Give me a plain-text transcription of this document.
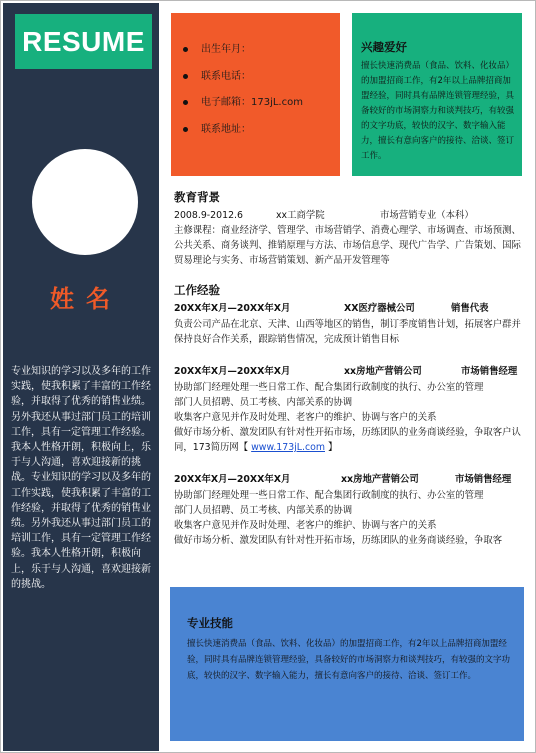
RESUME
姓名
专业知识的学习以及多年的工作实践，使我积累了丰富的工作经验，并取得了优秀的销售业绩。另外我还从事过部门员工的培训工作，具有一定管理工作经验。我本人性格开朗，积极向上，乐于与人沟通，喜欢迎接新的挑战。专业知识的学习以及多年的工作实践，使我积累了丰富的工作经验，并取得了优秀的销售业绩。另外我还从事过部门员工的培训工作，具有一定管理工作经验。我本人性格开朗，积极向上，乐于与人沟通，喜欢迎接新的挑战。
出生年月：
联系电话：
电子邮箱：173jL.com
联系地址：
兴趣爱好

擅长快速消费品（食品、饮料、化妆品）的加盟招商工作，有2年以上品牌招商加盟经验，同时具有品牌连锁管理经验，具备较好的市场洞察力和谈判技巧，有较强的文字功底，较快的汉字、数字输入能力，擅长有意向客户的接待、洽谈、签订工作。

教育背景
2008.9-2012.6	xx工商学院	市场营销专业（本科）
主修课程：商业经济学、管理学、市场营销学、消费心理学、市场调查、市场预测、公共关系、商务谈判、推销原理与方法、市场信息学、现代广告学、广告策划、国际贸易理论与实务、市场营销策划、新产品开发管理等
工作经验
20XX年X月—20XX年X月	XX医疗器械公司	销售代表
负责公司产品在北京、天津、山西等地区的销售，制订季度销售计划，拓展客户群并保持良好合作关系，跟踪销售情况，完成预计销售目标
20XX年X月—20XX年X月	xx房地产营销公司	市场销售经理
协助部门经理处理一些日常工作、配合集团行政制度的执行、办公室的管理
部门人员招聘、员工考核、内部关系的协调
收集客户意见并作及时处理、老客户的维护、协调与客户的关系
做好市场分析、激发团队有针对性开拓市场，历练团队的业务商谈经验，争取客户认同，173简历网【 www.173jL.com 】
20XX年X月—20XX年X月	xx房地产营销公司	市场销售经理
协助部门经理处理一些日常工作、配合集团行政制度的执行、办公室的管理
部门人员招聘、员工考核、内部关系的协调
收集客户意见并作及时处理、老客户的维护、协调与客户的关系
做好市场分析、激发团队有针对性开拓市场，历练团队的业务商谈经验，争取客
专业技能

擅长快速消费品（食品、饮料、化妆品）的加盟招商工作，有2年以上品牌招商加盟经验，同时具有品牌连锁管理经验，具备较好的市场洞察力和谈判技巧，有较强的文字功底，较快的汉字、数字输入能力，擅长有意向客户的接待、洽谈、签订工作。
